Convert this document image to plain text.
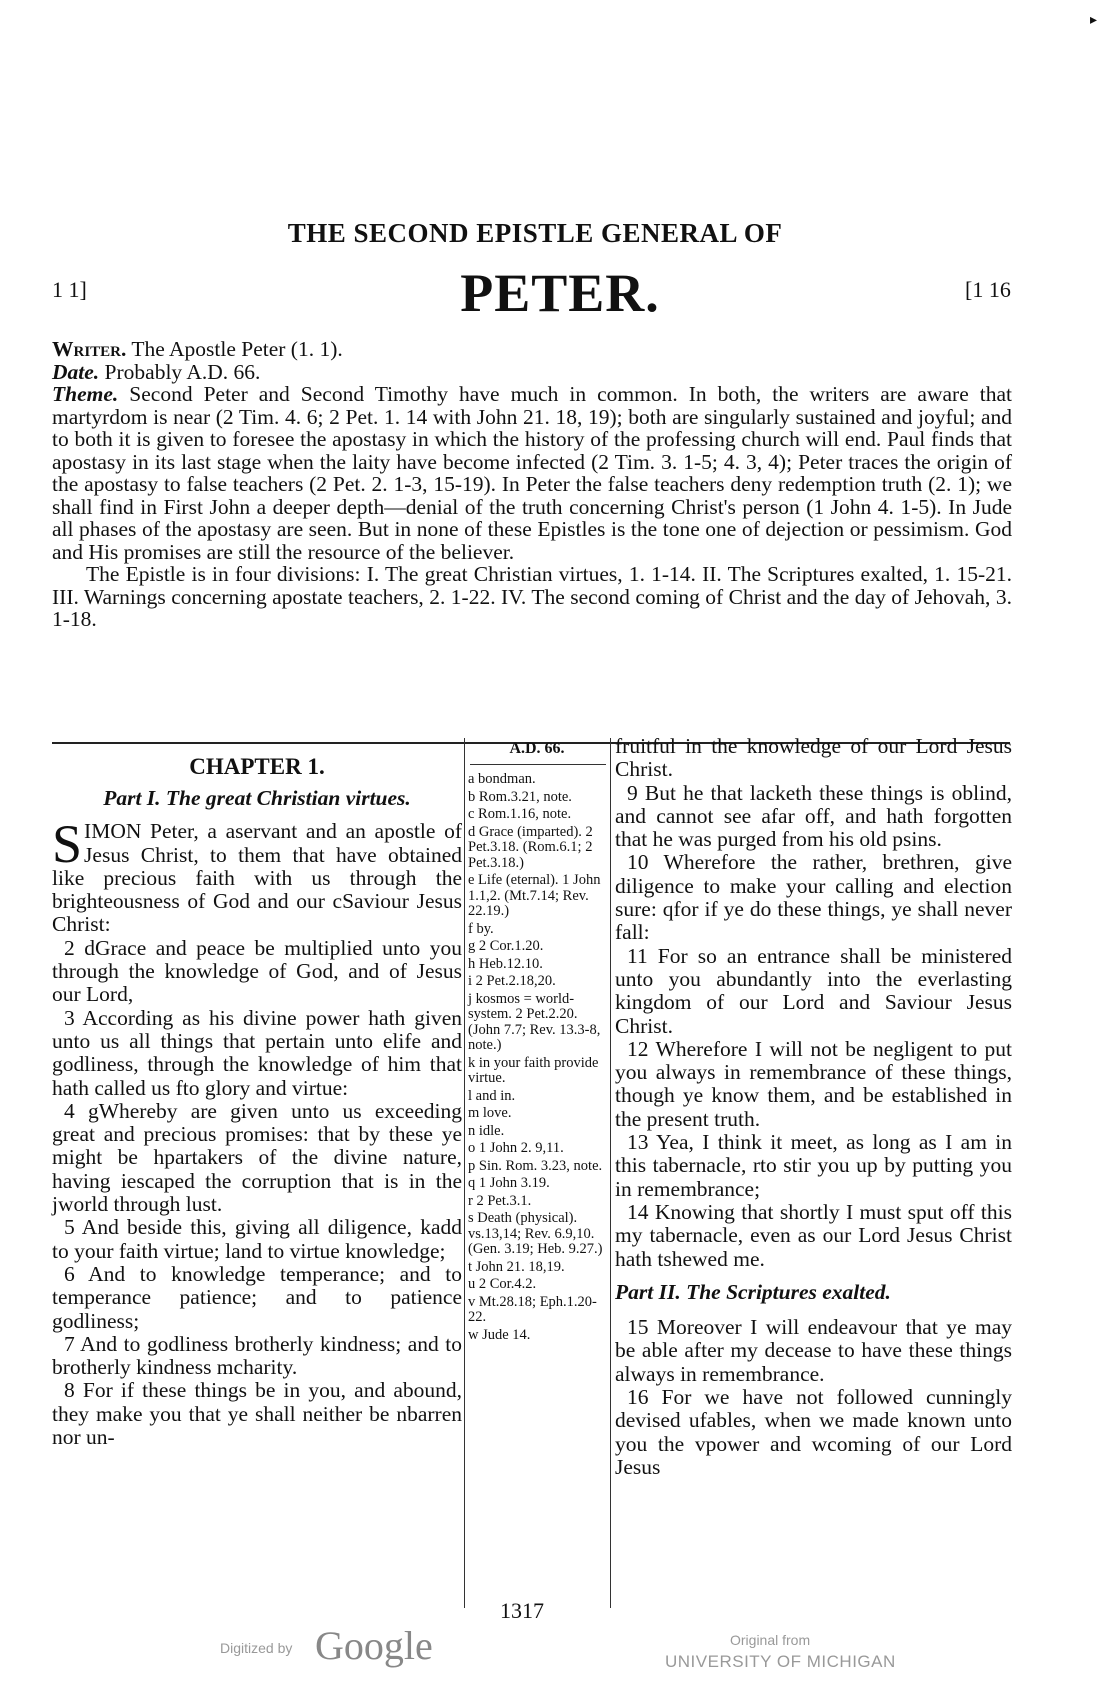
▸
THE SECOND EPISTLE GENERAL OF
PETER.
1 1]	[1 16

Writer. The Apostle Peter (1. 1).

Date. Probably A.D. 66.

Theme. Second Peter and Second Timothy have much in common. In both, the writers are aware that martyrdom is near (2 Tim. 4. 6; 2 Pet. 1. 14 with John 21. 18, 19); both are singularly sustained and joyful; and to both it is given to foresee the apostasy in which the history of the professing church will end. Paul finds that apostasy in its last stage when the laity have become infected (2 Tim. 3. 1-5; 4. 3, 4); Peter traces the origin of the apostasy to false teachers (2 Pet. 2. 1-3, 15-19). In Peter the false teachers deny redemption truth (2. 1); we shall find in First John a deeper depth—denial of the truth concerning Christ's person (1 John 4. 1-5). In Jude all phases of the apostasy are seen. But in none of these Epistles is the tone one of dejection or pessimism. God and His promises are still the resource of the believer.

The Epistle is in four divisions: I. The great Christian virtues, 1. 1-14. II. The Scriptures exalted, 1. 15-21. III. Warnings concerning apostate teachers, 2. 1-22. IV. The second coming of Christ and the day of Jehovah, 3. 1-18.

CHAPTER 1.

Part I. The great Christian virtues.

SIMON Peter, a aservant and an apostle of Jesus Christ, to them that have obtained like precious faith with us through the brighteousness of God and our cSaviour Jesus Christ:

2 dGrace and peace be multiplied unto you through the knowledge of God, and of Jesus our Lord,

3 According as his divine power hath given unto us all things that pertain unto elife and godliness, through the knowledge of him that hath called us fto glory and virtue:

4 gWhereby are given unto us exceeding great and precious promises: that by these ye might be hpartakers of the divine nature, having iescaped the corruption that is in the jworld through lust.

5 And beside this, giving all diligence, kadd to your faith virtue; land to virtue knowledge;

6 And to knowledge temperance; and to temperance patience; and to patience godliness;

7 And to godliness brotherly kindness; and to brotherly kindness mcharity.

8 For if these things be in you, and abound, they make you that ye shall neither be nbarren nor un-

A.D. 66.

a bondman.

b Rom.3.21, note.

c Rom.1.16, note.

d Grace (imparted). 2 Pet.3.18. (Rom.6.1; 2 Pet.3.18.)

e Life (eternal). 1 John 1.1,2. (Mt.7.14; Rev. 22.19.)

f by.

g 2 Cor.1.20.

h Heb.12.10.

i 2 Pet.2.18,20.

j kosmos = world-system. 2 Pet.2.20. (John 7.7; Rev. 13.3-8, note.)

k in your faith provide virtue.

l and in.

m love.

n idle.

o 1 John 2. 9,11.

p Sin. Rom. 3.23, note.

q 1 John 3.19.

r 2 Pet.3.1.

s Death (physical). vs.13,14; Rev. 6.9,10. (Gen. 3.19; Heb. 9.27.)

t John 21. 18,19.

u 2 Cor.4.2.

v Mt.28.18; Eph.1.20-22.

w Jude 14.

fruitful in the knowledge of our Lord Jesus Christ.

9 But he that lacketh these things is oblind, and cannot see afar off, and hath forgotten that he was purged from his old psins.

10 Wherefore the rather, brethren, give diligence to make your calling and election sure: qfor if ye do these things, ye shall never fall:

11 For so an entrance shall be ministered unto you abundantly into the everlasting kingdom of our Lord and Saviour Jesus Christ.

12 Wherefore I will not be negligent to put you always in remembrance of these things, though ye know them, and be established in the present truth.

13 Yea, I think it meet, as long as I am in this tabernacle, rto stir you up by putting you in remembrance;

14 Knowing that shortly I must sput off this my tabernacle, even as our Lord Jesus Christ hath tshewed me.

Part II. The Scriptures exalted.

15 Moreover I will endeavour that ye may be able after my decease to have these things always in remembrance.

16 For we have not followed cunningly devised ufables, when we made known unto you the vpower and wcoming of our Lord Jesus

1317
Digitized by Google	Original from
UNIVERSITY OF MICHIGAN
